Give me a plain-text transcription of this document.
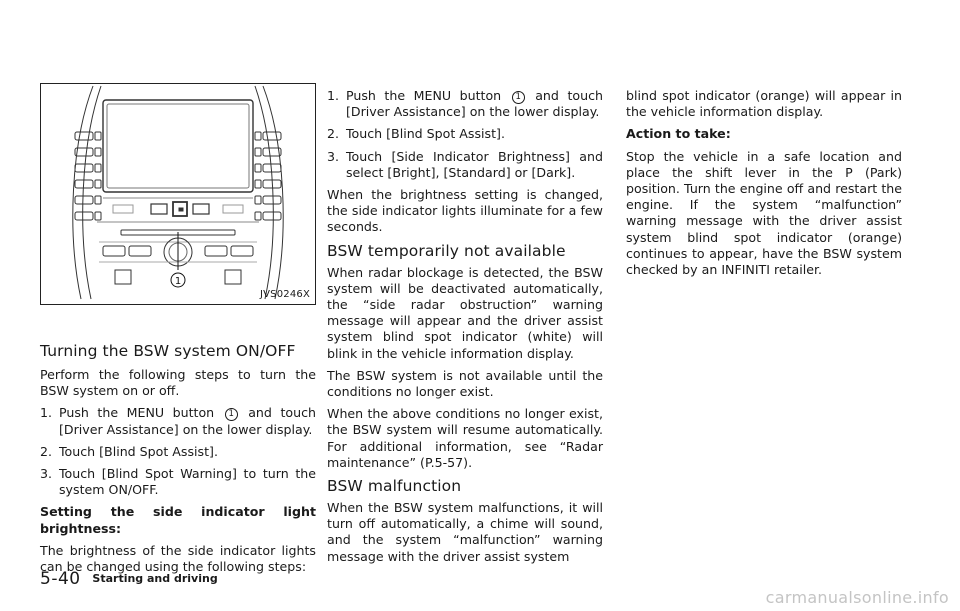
1
JVS0246X
Turning the BSW system ON/OFF

Perform the following steps to turn the BSW system on or off.

1. Push the MENU button 1 and touch [Driver Assistance] on the lower display.
2. Touch [Blind Spot Assist].
3. Touch [Blind Spot Warning] to turn the system ON/OFF.

Setting the side indicator light brightness:

The brightness of the side indicator lights can be changed using the following steps:

1. Push the MENU button 1 and touch [Driver Assistance] on the lower display.
2. Touch [Blind Spot Assist].
3. Touch [Side Indicator Brightness] and select [Bright], [Standard] or [Dark].

When the brightness setting is changed, the side indicator lights illuminate for a few seconds.

BSW temporarily not available

When radar blockage is detected, the BSW system will be deactivated automatically, the “side radar obstruction” warning message will appear and the driver assist system blind spot indicator (white) will blink in the vehicle information display.

The BSW system is not available until the conditions no longer exist.

When the above conditions no longer exist, the BSW system will resume automatically. For additional information, see “Radar maintenance” (P.5-57).

BSW malfunction

When the BSW system malfunctions, it will turn off automatically, a chime will sound, and the system “malfunction” warning message with the driver assist system

blind spot indicator (orange) will appear in the vehicle information display.

Action to take:

Stop the vehicle in a safe location and place the shift lever in the P (Park) position. Turn the engine off and restart the engine. If the system “malfunction” warning message with the driver assist system blind spot indicator (orange) continues to appear, have the BSW system checked by an INFINITI retailer.

5-40 Starting and driving
carmanualsonline.info
